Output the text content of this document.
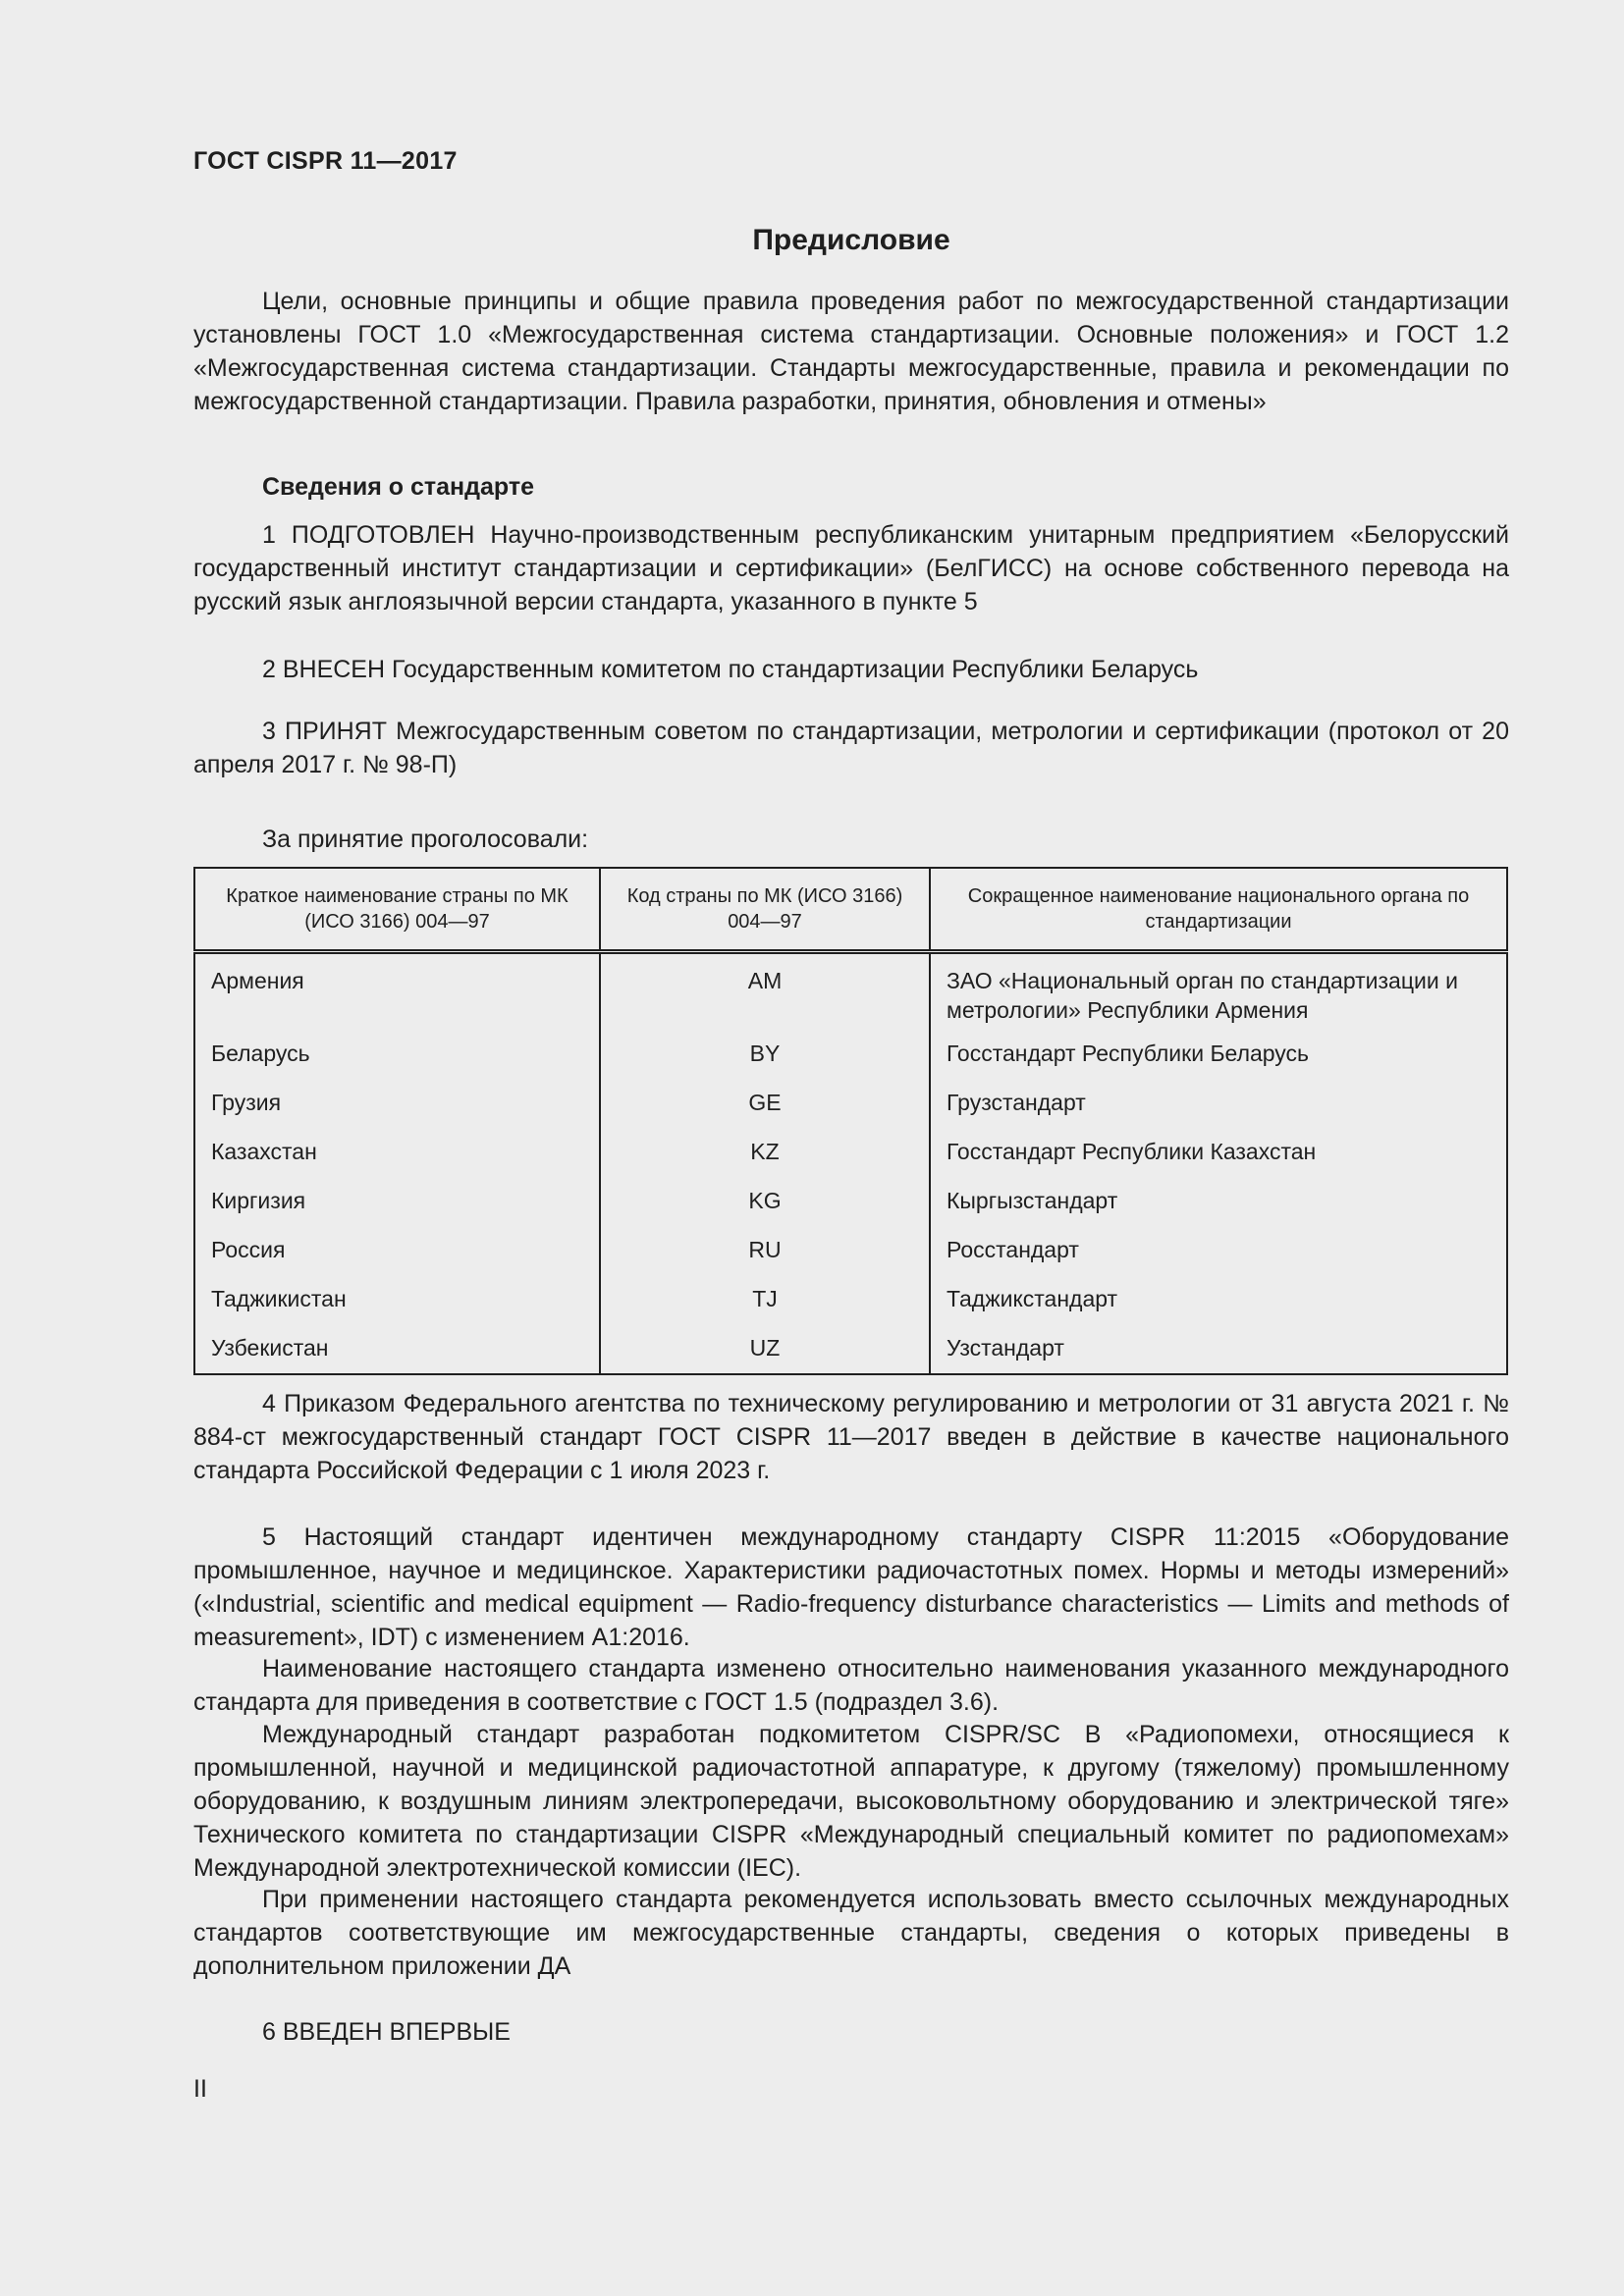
ГОСТ CISPR 11—2017
Предисловие

Цели, основные принципы и общие правила проведения работ по межгосударственной стандартизации установлены ГОСТ 1.0 «Межгосударственная система стандартизации. Основные положения» и ГОСТ 1.2 «Межгосударственная система стандартизации. Стандарты межгосударственные, правила и рекомендации по межгосударственной стандартизации. Правила разработки, принятия, обновления и отмены»

Сведения о стандарте

1 ПОДГОТОВЛЕН Научно-производственным республиканским унитарным предприятием «Белорусский государственный институт стандартизации и сертификации» (БелГИСС) на основе собственного перевода на русский язык англоязычной версии стандарта, указанного в пункте 5

2 ВНЕСЕН Государственным комитетом по стандартизации Республики Беларусь

3 ПРИНЯТ Межгосударственным советом по стандартизации, метрологии и сертификации (протокол от 20 апреля 2017 г. № 98-П)

За принятие проголосовали:

Краткое наименование страны по МК (ИСО 3166) 004—97	Код страны по МК (ИСО 3166) 004—97	Сокращенное наименование национального органа по стандартизации
Армения	AM	ЗАО «Национальный орган по стандартизации и метрологии» Республики Армения
Беларусь	BY	Госстандарт Республики Беларусь
Грузия	GE	Грузстандарт
Казахстан	KZ	Госстандарт Республики Казахстан
Киргизия	KG	Кыргызстандарт
Россия	RU	Росстандарт
Таджикистан	TJ	Таджикстандарт
Узбекистан	UZ	Узстандарт

4 Приказом Федерального агентства по техническому регулированию и метрологии от 31 августа 2021 г. № 884-ст межгосударственный стандарт ГОСТ CISPR 11—2017 введен в действие в качестве национального стандарта Российской Федерации с 1 июля 2023 г.

5 Настоящий стандарт идентичен международному стандарту CISPR 11:2015 «Оборудование промышленное, научное и медицинское. Характеристики радиочастотных помех. Нормы и методы измерений» («Industrial, scientific and medical equipment — Radio-frequency disturbance characteristics — Limits and methods of measurement», IDT) с изменением A1:2016.

Наименование настоящего стандарта изменено относительно наименования указанного международного стандарта для приведения в соответствие с ГОСТ 1.5 (подраздел 3.6).

Международный стандарт разработан подкомитетом CISPR/SC B «Радиопомехи, относящиеся к промышленной, научной и медицинской радиочастотной аппаратуре, к другому (тяжелому) промышленному оборудованию, к воздушным линиям электропередачи, высоковольтному оборудованию и электрической тяге» Технического комитета по стандартизации CISPR «Международный специальный комитет по радиопомехам» Международной электротехнической комиссии (IEC).

При применении настоящего стандарта рекомендуется использовать вместо ссылочных международных стандартов соответствующие им межгосударственные стандарты, сведения о которых приведены в дополнительном приложении ДА

6 ВВЕДЕН ВПЕРВЫЕ

II
